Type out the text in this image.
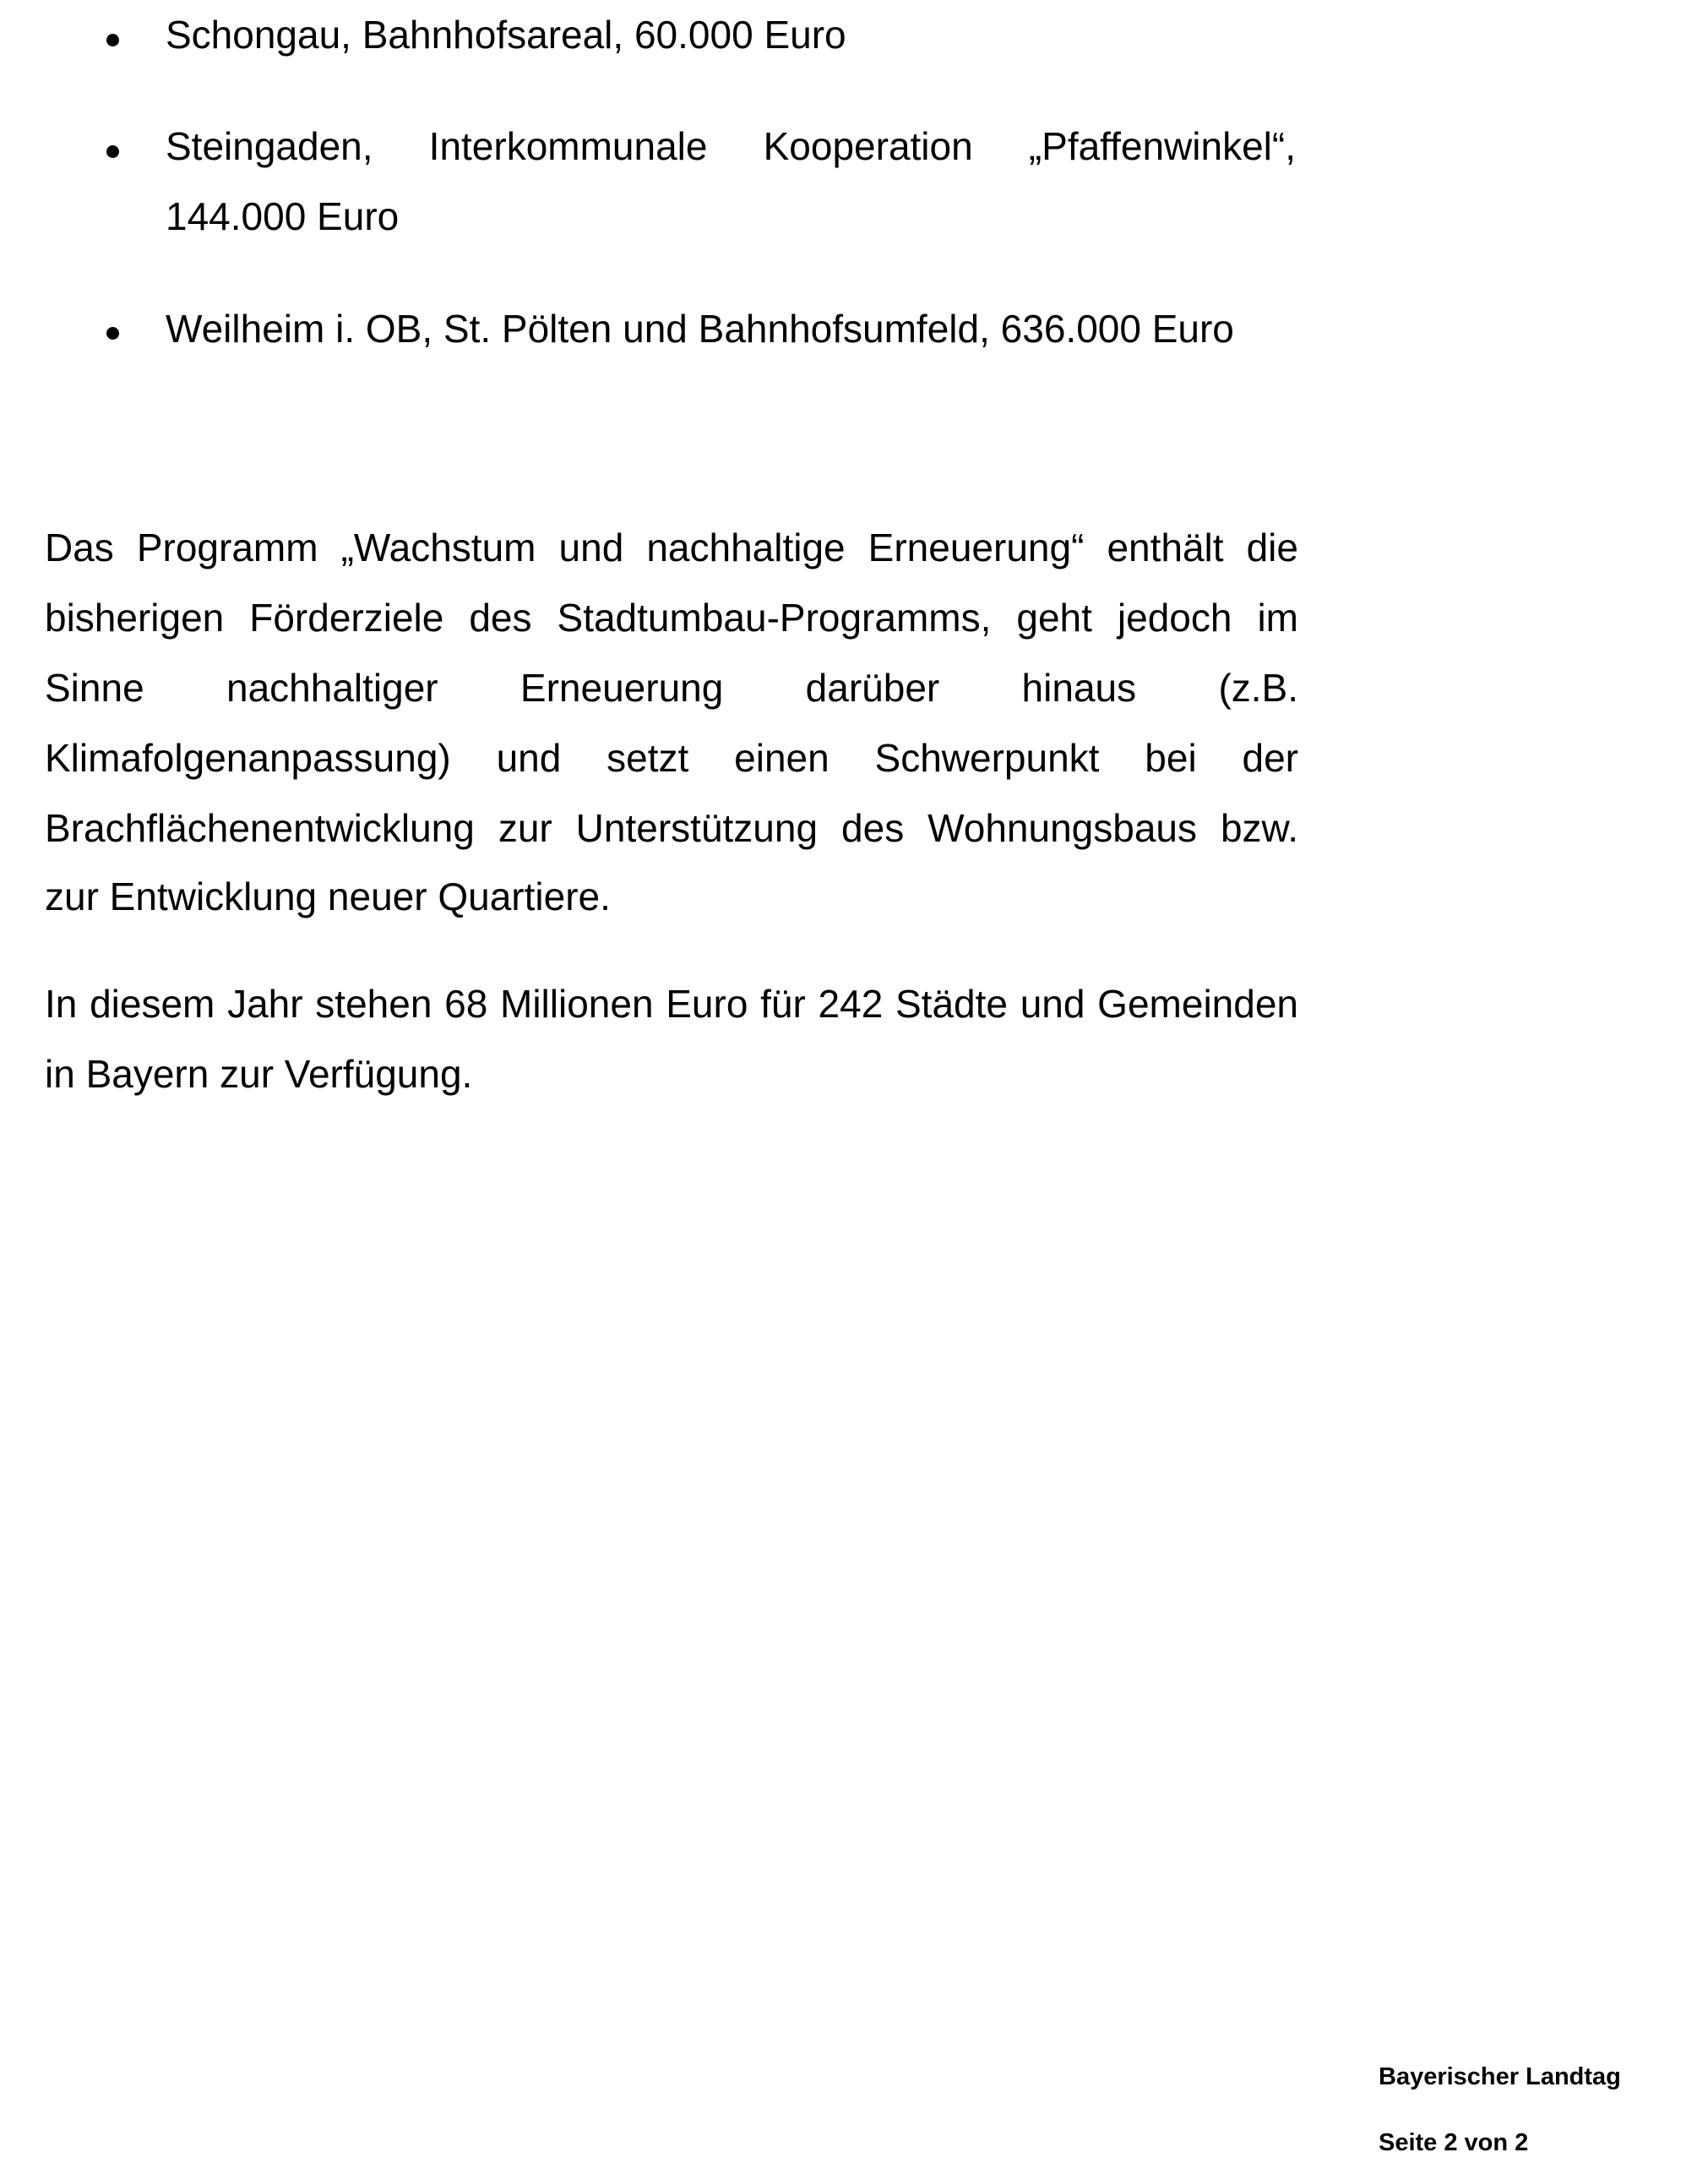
Schongau, Bahnhofsareal, 60.000 Euro
Steingaden, Interkommunale Kooperation „Pfaffenwinkel“,
144.000 Euro
Weilheim i. OB, St. Pölten und Bahnhofsumfeld, 636.000 Euro
Das Programm „Wachstum und nachhaltige Erneuerung“ enthält die
bisherigen Förderziele des Stadtumbau-Programms, geht jedoch im
Sinne nachhaltiger Erneuerung darüber hinaus (z.B.
Klimafolgenanpassung) und setzt einen Schwerpunkt bei der
Brachflächenentwicklung zur Unterstützung des Wohnungsbaus bzw.
zur Entwicklung neuer Quartiere.
In diesem Jahr stehen 68 Millionen Euro für 242 Städte und Gemeinden
in Bayern zur Verfügung.
Bayerischer Landtag
Seite 2 von 2
